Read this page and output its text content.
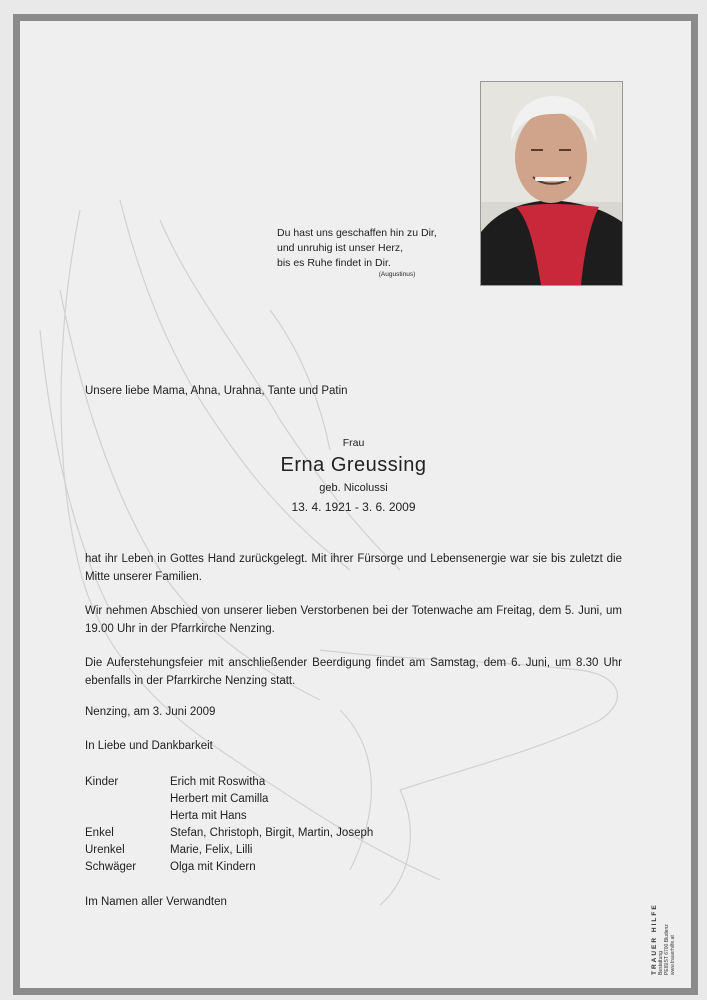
Du hast uns geschaffen hin zu Dir,
und unruhig ist unser Herz,
bis es Ruhe findet in Dir.
(Augustinus)
Unsere liebe Mama, Ahna, Urahna, Tante und Patin
Frau
Erna Greussing
geb. Nicolussi
13. 4. 1921 - 3. 6. 2009
hat ihr Leben in Gottes Hand zurückgelegt. Mit ihrer Fürsorge und Lebensenergie war sie bis zuletzt die Mitte unserer Familien.
Wir nehmen Abschied von unserer lieben Verstorbenen bei der Totenwache am Freitag, dem 5. Juni, um 19.00 Uhr in der Pfarrkirche Nenzing.
Die Auferstehungsfeier mit anschließender Beerdigung findet am Samstag, dem 6. Juni, um 8.30 Uhr ebenfalls in der Pfarrkirche Nenzing statt.
Nenzing, am 3. Juni 2009
In Liebe und Dankbarkeit
Kinder	Erich mit Roswitha
Herbert mit Camilla
Herta mit Hans
Enkel	Stefan, Christoph, Birgit, Martin, Joseph
Urenkel	Marie, Felix, Lilli
Schwäger	Olga mit Kindern
Im Namen aller Verwandten
TRAUER HILFE Bestattung PEIßIST 6700 Bludenz www.trauerhilfe.at
